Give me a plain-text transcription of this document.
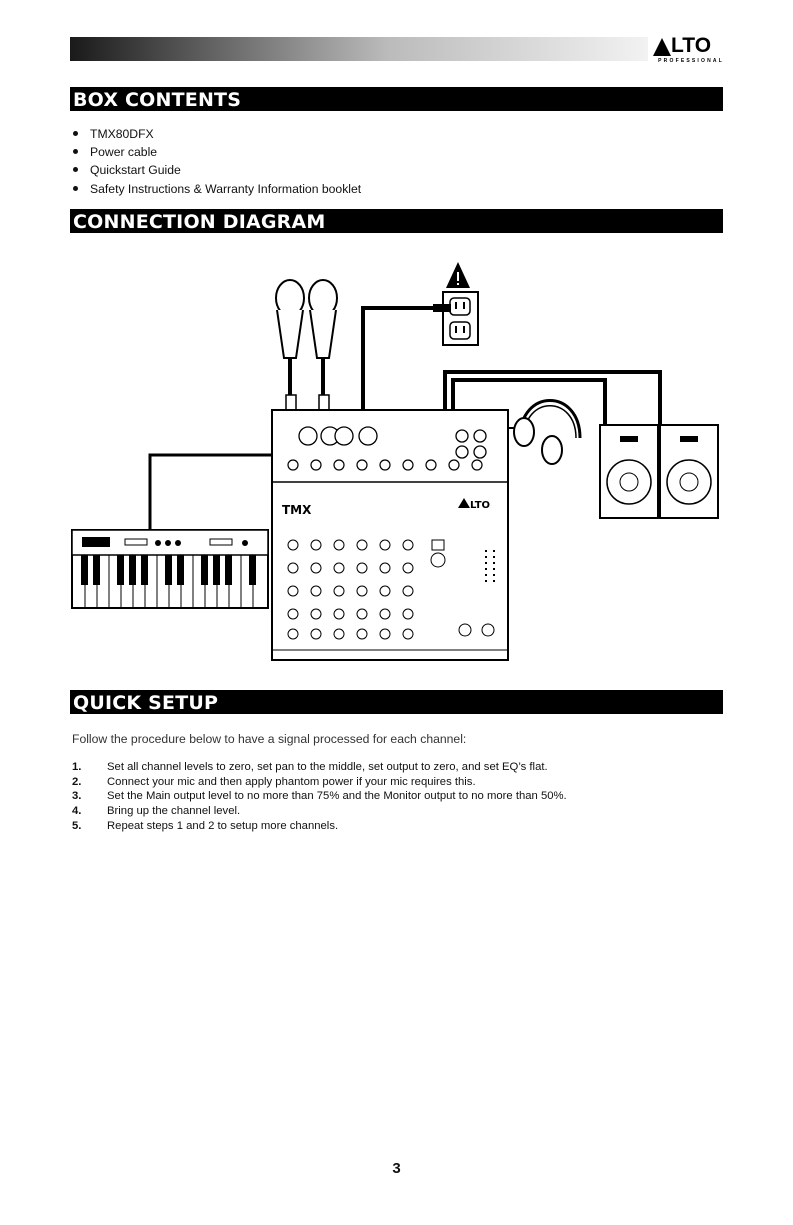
LTO
PROFESSIONAL
BOX CONTENTS
TMX80DFX
Power cable
Quickstart Guide
Safety Instructions & Warranty Information booklet
CONNECTION DIAGRAM
TMX	LTO
QUICK SETUP
Follow the procedure below to have a signal processed for each channel:
1. Set all channel levels to zero, set pan to the middle, set output to zero, and set EQ’s flat.
2. Connect your mic and then apply phantom power if your mic requires this.
3. Set the Main output level to no more than 75% and the Monitor output to no more than 50%.
4. Bring up the channel level.
5. Repeat steps 1 and 2 to setup more channels.
3
